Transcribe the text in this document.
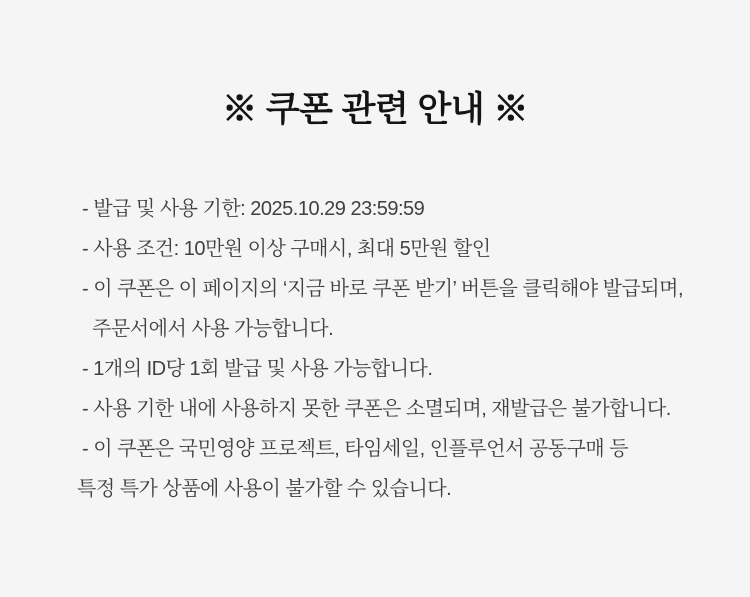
※ 쿠폰 관련 안내 ※
- 발급 및 사용 기한: 2025.10.29 23:59:59
- 사용 조건: 10만원 이상 구매시, 최대 5만원 할인
- 이 쿠폰은 이 페이지의 ‘지금 바로 쿠폰 받기’ 버튼을 클릭해야 발급되며,
주문서에서 사용 가능합니다.
- 1개의 ID당 1회 발급 및 사용 가능합니다.
- 사용 기한 내에 사용하지 못한 쿠폰은 소멸되며, 재발급은 불가합니다.
- 이 쿠폰은 국민영양 프로젝트, 타임세일, 인플루언서 공동구매 등
특정 특가 상품에 사용이 불가할 수 있습니다.
